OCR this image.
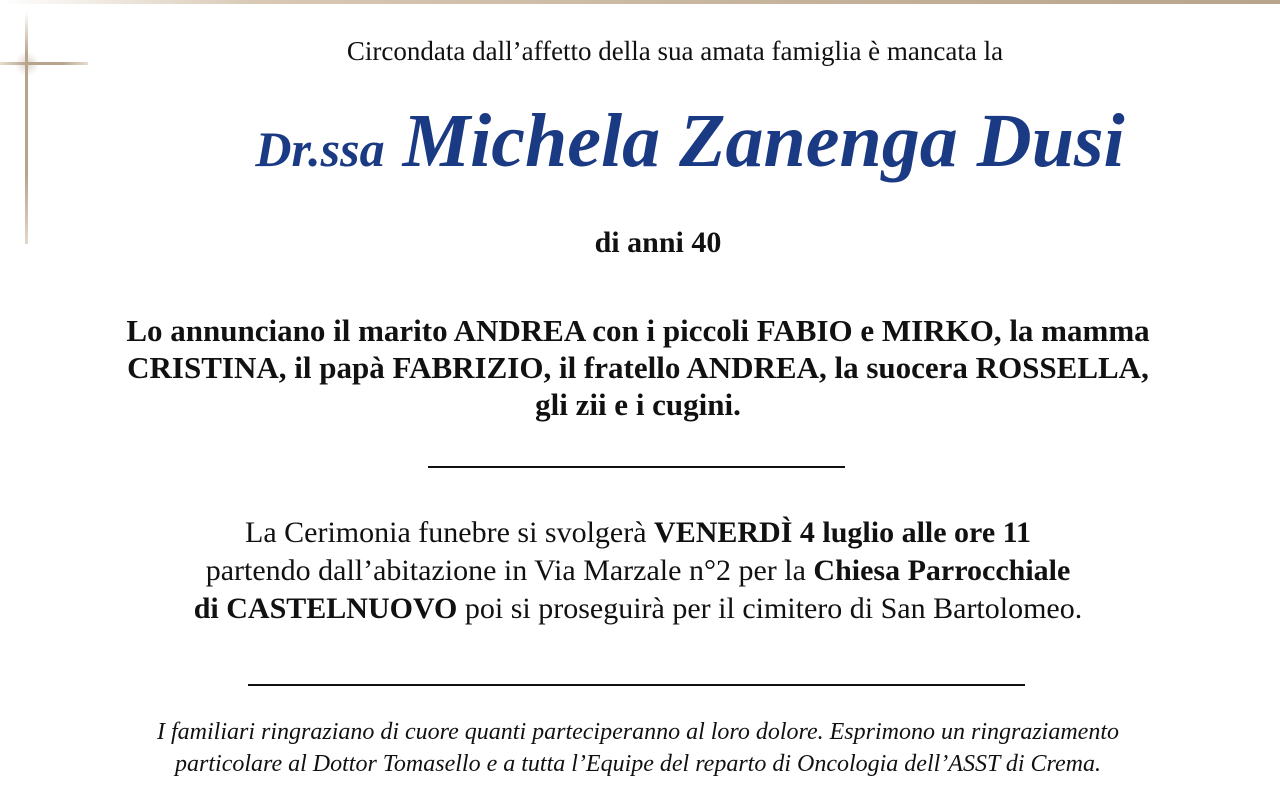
Circondata dall’affetto della sua amata famiglia è mancata la
Dr.ssa Michela Zanenga Dusi
di anni 40
Lo annunciano il marito ANDREA con i piccoli FABIO e MIRKO, la mamma
CRISTINA, il papà FABRIZIO, il fratello ANDREA, la suocera ROSSELLA,
gli zii e i cugini.
La Cerimonia funebre si svolgerà VENERDÌ 4 luglio alle ore 11
partendo dall’abitazione in Via Marzale n°2 per la Chiesa Parrocchiale
di CASTELNUOVO poi si proseguirà per il cimitero di San Bartolomeo.
I familiari ringraziano di cuore quanti parteciperanno al loro dolore. Esprimono un ringraziamento
particolare al Dottor Tomasello e a tutta l’Equipe del reparto di Oncologia dell’ASST di Crema.
